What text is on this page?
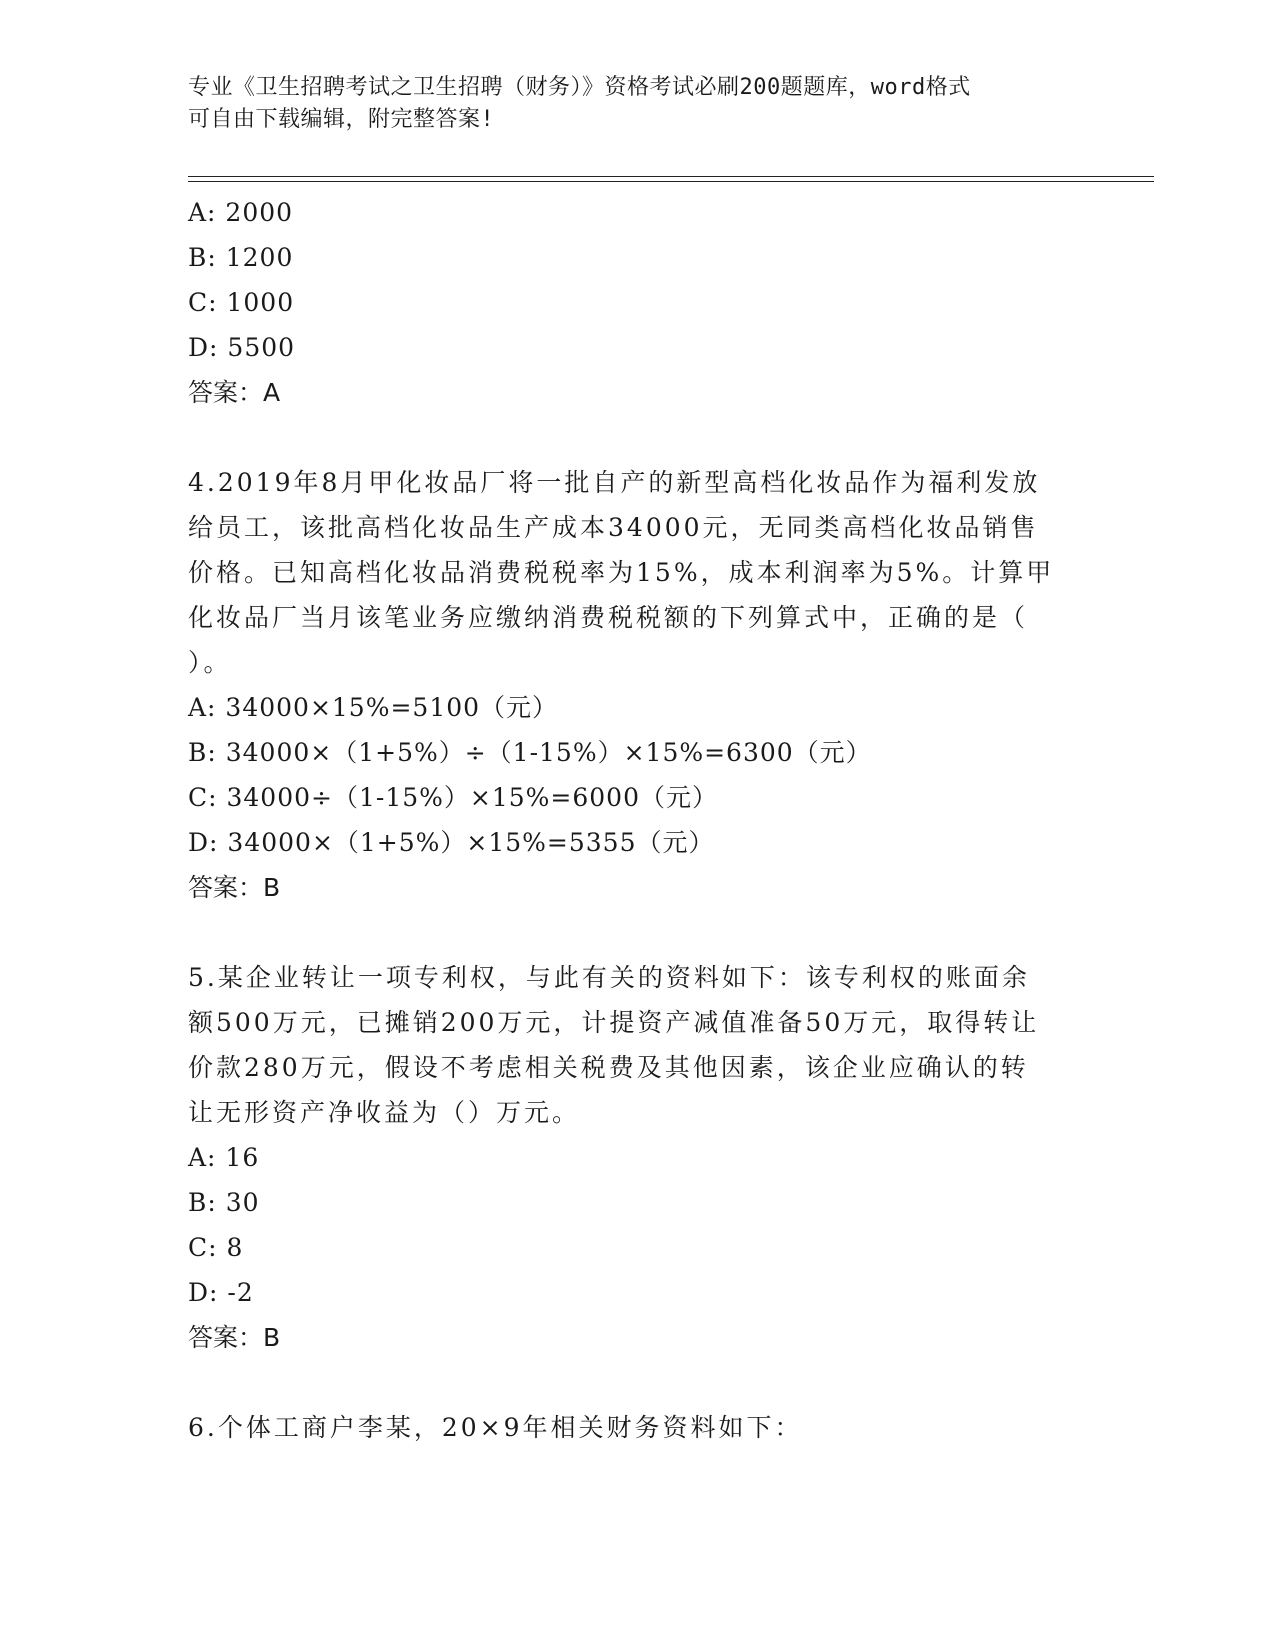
专业《卫生招聘考试之卫生招聘（财务）》资格考试必刷200题题库，word格式
可自由下载编辑，附完整答案!
A: 2000
B: 1200
C: 1000
D: 5500
答案：A
4.2019年8月甲化妆品厂将一批自产的新型高档化妆品作为福利发放
给员工，该批高档化妆品生产成本34000元，无同类高档化妆品销售
价格。已知高档化妆品消费税税率为15%，成本利润率为5%。计算甲
化妆品厂当月该笔业务应缴纳消费税税额的下列算式中，正确的是（
）。
A: 34000×15%=5100（元）
B: 34000×（1+5%）÷（1-15%）×15%=6300（元）
C: 34000÷（1-15%）×15%=6000（元）
D: 34000×（1+5%）×15%=5355（元）
答案：B
5.某企业转让一项专利权，与此有关的资料如下：该专利权的账面余
额500万元，已摊销200万元，计提资产减值准备50万元，取得转让
价款280万元，假设不考虑相关税费及其他因素，该企业应确认的转
让无形资产净收益为（）万元。
A: 16
B: 30
C: 8
D: -2
答案：B
6.个体工商户李某，20×9年相关财务资料如下：
